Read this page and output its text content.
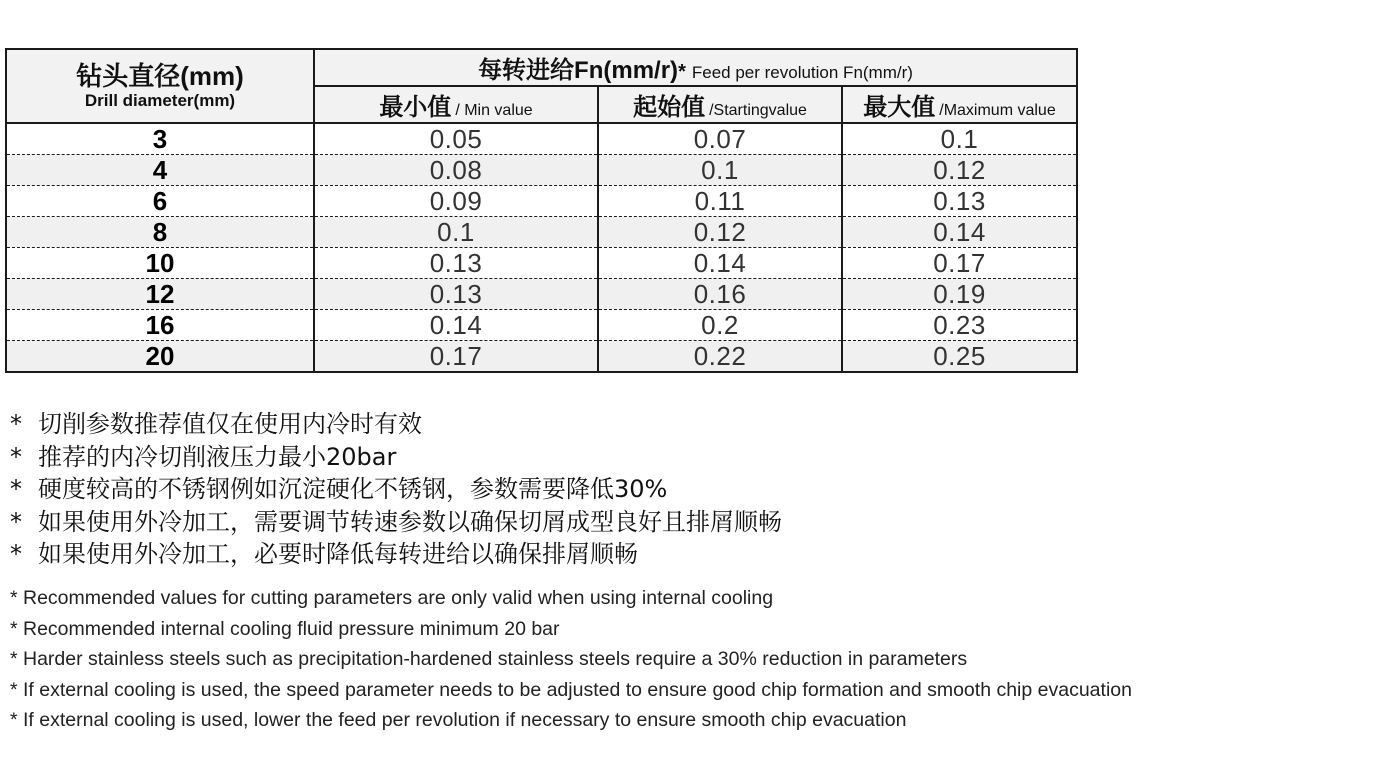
钻头直径(mm)
Drill diameter(mm)	每转进给Fn(mm/r)* Feed per revolution Fn(mm/r)		
	最小值 / Min value	起始值 /Startingvalue	最大值 /Maximum value
3	0.05	0.07	0.1
4	0.08	0.1	0.12
6	0.09	0.11	0.13
8	0.1	0.12	0.14
10	0.13	0.14	0.17
12	0.13	0.16	0.19
16	0.14	0.2	0.23
20	0.17	0.22	0.25
* 切削参数推荐值仅在使用内冷时有效
* 推荐的内冷切削液压力最小20bar
* 硬度较高的不锈钢例如沉淀硬化不锈钢，参数需要降低30%
* 如果使用外冷加工，需要调节转速参数以确保切屑成型良好且排屑顺畅
* 如果使用外冷加工，必要时降低每转进给以确保排屑顺畅
* Recommended values for cutting parameters are only valid when using internal cooling
* Recommended internal cooling fluid pressure minimum 20 bar
* Harder stainless steels such as precipitation-hardened stainless steels require a 30% reduction in parameters
* If external cooling is used, the speed parameter needs to be adjusted to ensure good chip formation and smooth chip evacuation
* If external cooling is used, lower the feed per revolution if necessary to ensure smooth chip evacuation
